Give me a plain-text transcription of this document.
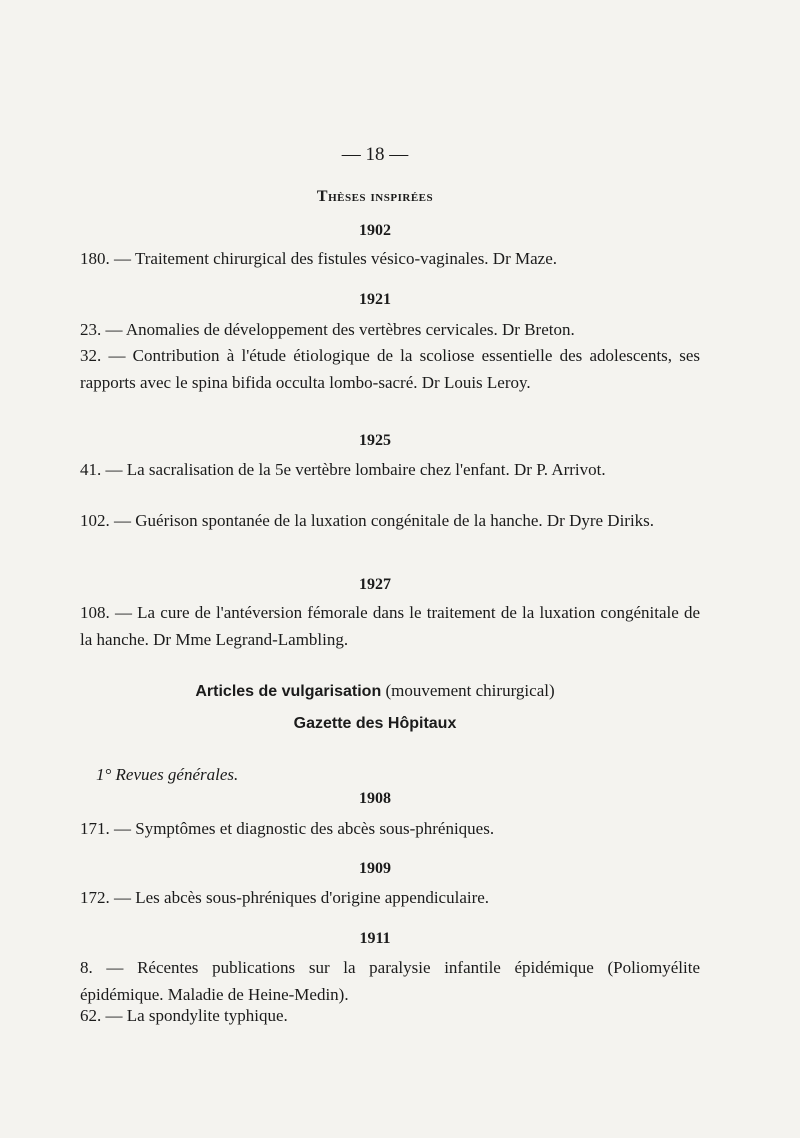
— 18 —
Thèses inspirées
1902
180. — Traitement chirurgical des fistules vésico-vaginales. Dr Maze.
1921
23. — Anomalies de développement des vertèbres cervicales. Dr Breton.
32. — Contribution à l'étude étiologique de la scoliose essentielle des adolescents, ses rapports avec le spina bifida occulta lombo-sacré. Dr Louis Leroy.
1925
41. — La sacralisation de la 5e vertèbre lombaire chez l'enfant. Dr P. Arrivot.
102. — Guérison spontanée de la luxation congénitale de la hanche. Dr Dyre Diriks.
1927
108. — La cure de l'antéversion fémorale dans le traitement de la luxation congénitale de la hanche. Dr Mme Legrand-Lambling.
Articles de vulgarisation (mouvement chirurgical)
Gazette des Hôpitaux
1° Revues générales.
1908
171. — Symptômes et diagnostic des abcès sous-phréniques.
1909
172. — Les abcès sous-phréniques d'origine appendiculaire.
1911
8. — Récentes publications sur la paralysie infantile épidémique (Poliomyélite épidémique. Maladie de Heine-Medin).
62. — La spondylite typhique.
